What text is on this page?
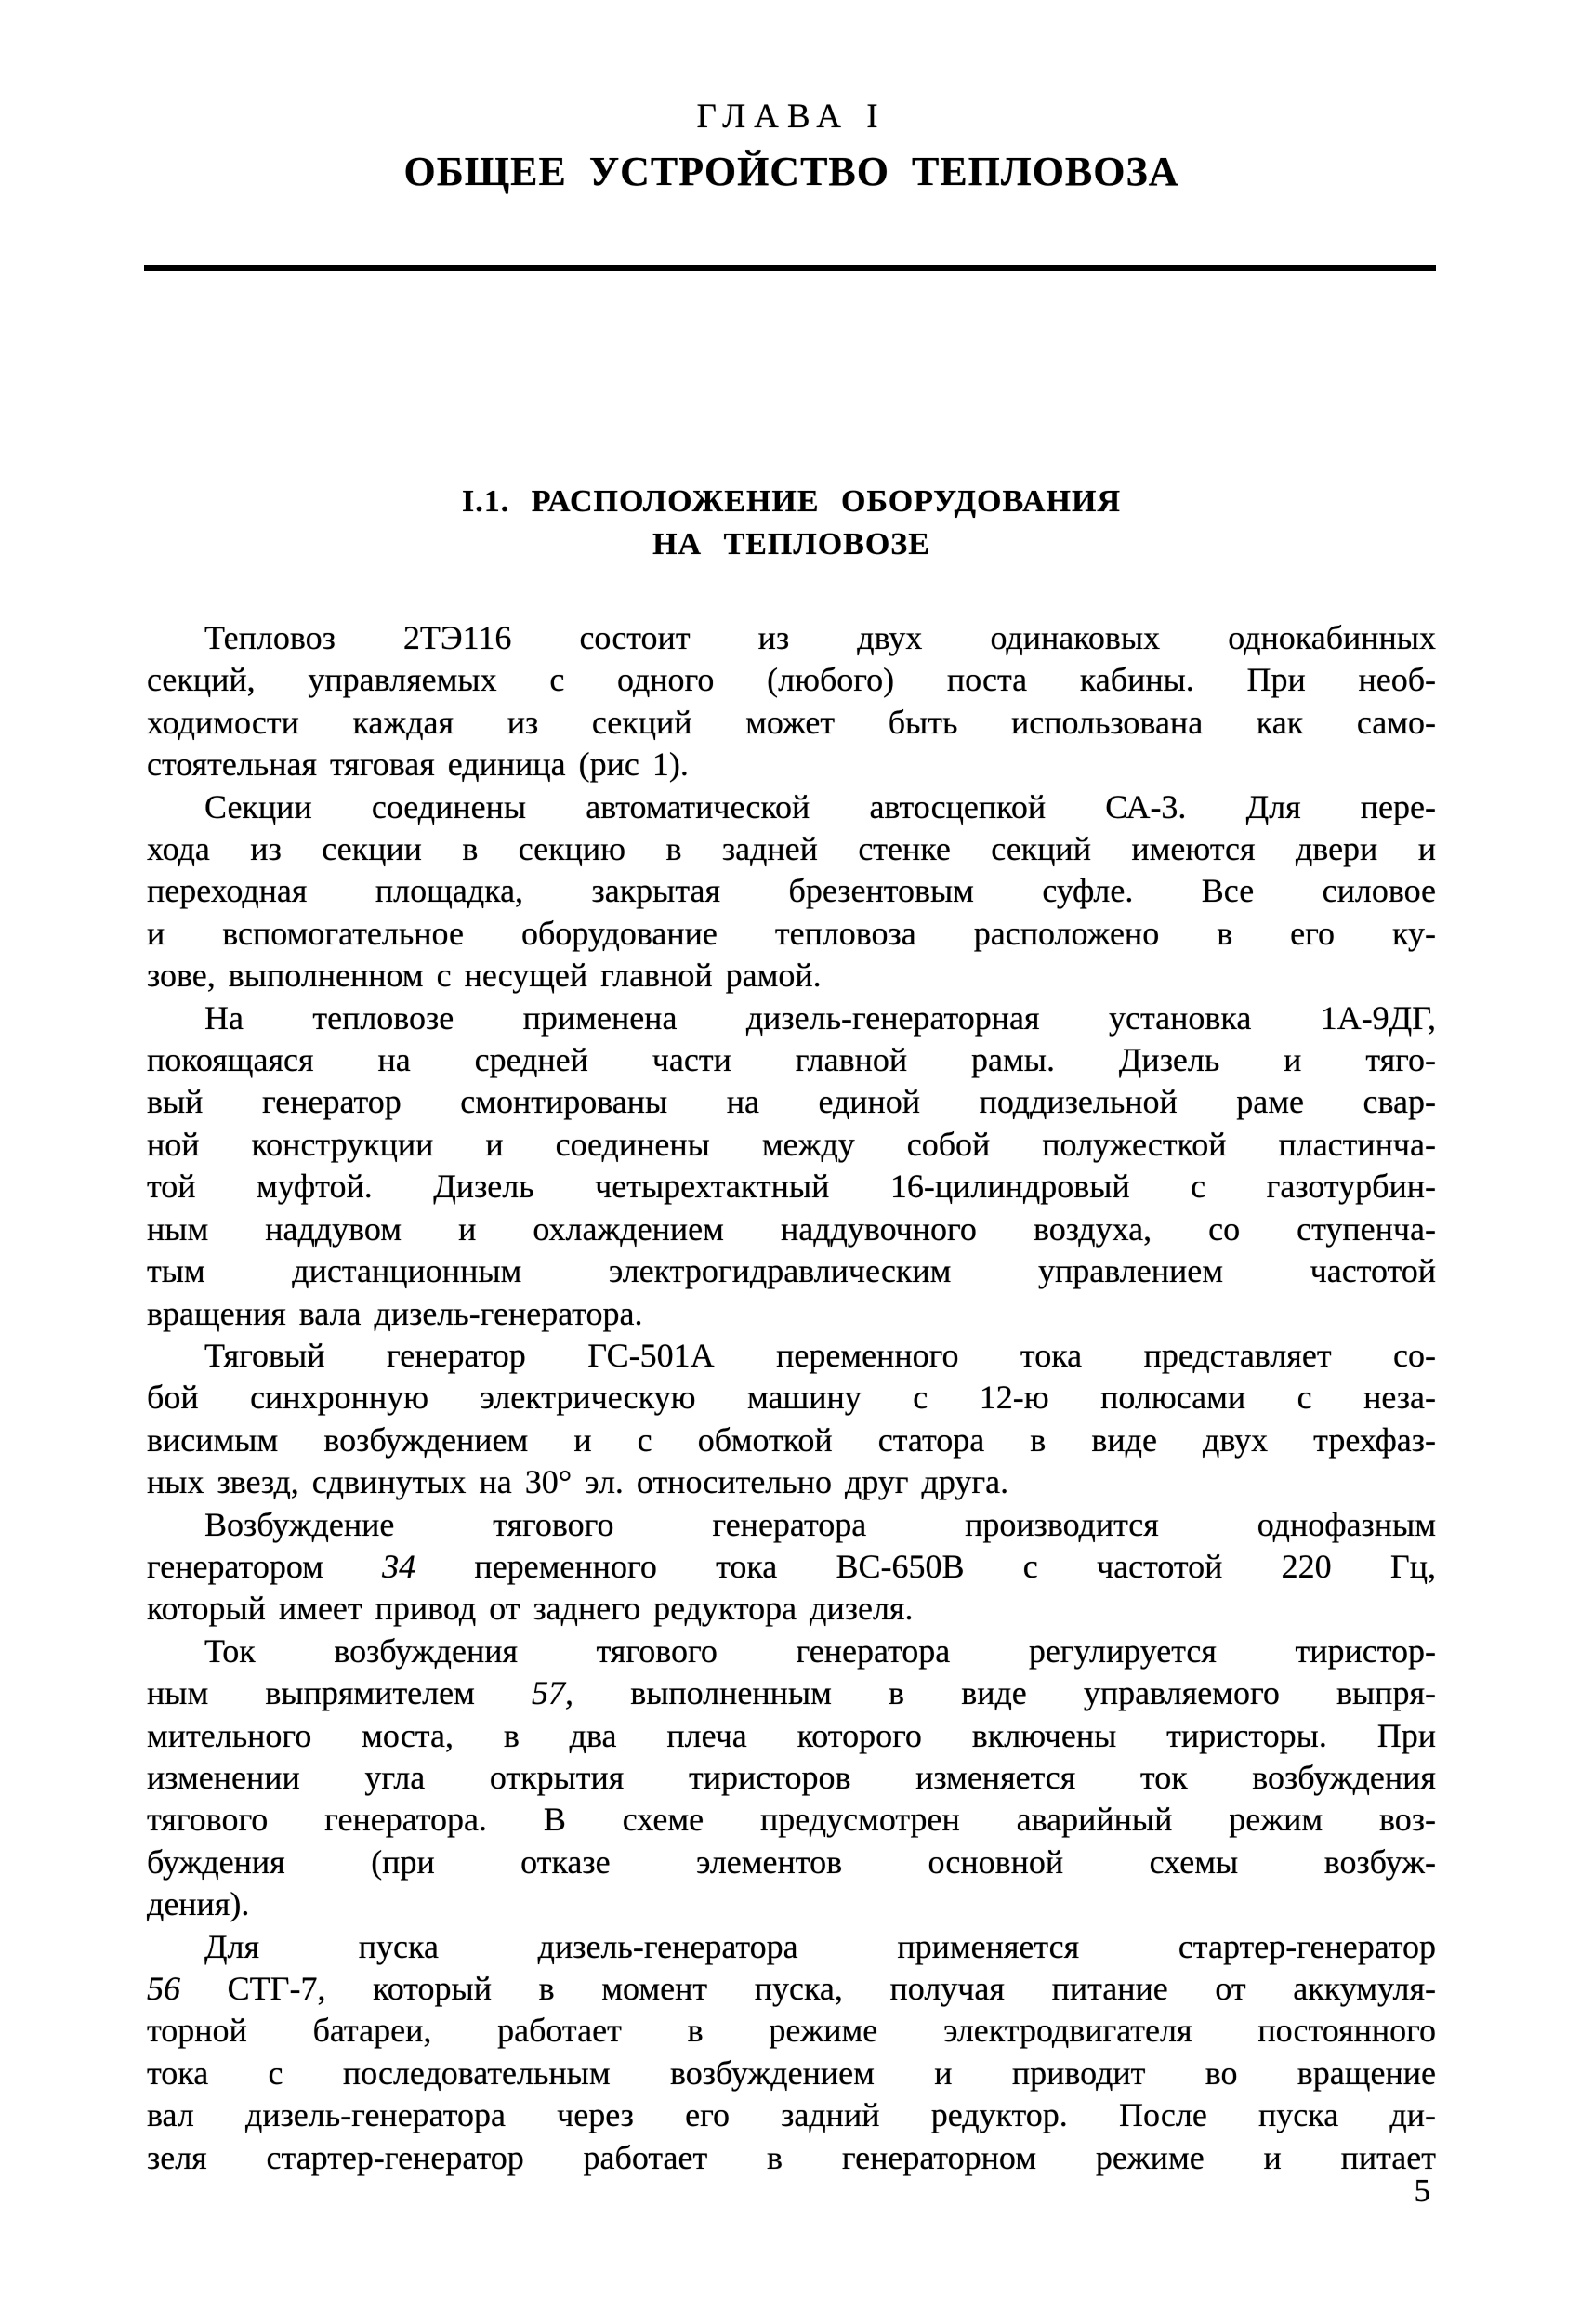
ГЛАВА I
ОБЩЕЕ УСТРОЙСТВО ТЕПЛОВОЗА
I.1. РАСПОЛОЖЕНИЕ ОБОРУДОВАНИЯ
НА ТЕПЛОВОЗЕ
Тепловоз 2ТЭ116 состоит из двух одинаковых однокабинных
секций, управляемых с одного (любого) поста кабины. При необ-
ходимости каждая из секций может быть использована как само-
стоятельная тяговая единица (рис 1).
Секции соединены автоматической автосцепкой СА-3. Для пере-
хода из секции в секцию в задней стенке секций имеются двери и
переходная площадка, закрытая брезентовым суфле. Все силовое
и вспомогательное оборудование тепловоза расположено в его ку-
зове, выполненном с несущей главной рамой.
На тепловозе применена дизель-генераторная установка 1А-9ДГ,
покоящаяся на средней части главной рамы. Дизель и тяго-
вый генератор смонтированы на единой поддизельной раме свар-
ной конструкции и соединены между собой полужесткой пластинча-
той муфтой. Дизель четырехтактный 16-цилиндровый с газотурбин-
ным наддувом и охлаждением наддувочного воздуха, со ступенча-
тым дистанционным электрогидравлическим управлением частотой
вращения вала дизель-генератора.
Тяговый генератор ГС-501А переменного тока представляет со-
бой синхронную электрическую машину с 12-ю полюсами с неза-
висимым возбуждением и с обмоткой статора в виде двух трехфаз-
ных звезд, сдвинутых на 30° эл. относительно друг друга.
Возбуждение тягового генератора производится однофазным
генератором 34 переменного тока ВС-650В с частотой 220 Гц,
который имеет привод от заднего редуктора дизеля.
Ток возбуждения тягового генератора регулируется тиристор-
ным выпрямителем 57, выполненным в виде управляемого выпря-
мительного моста, в два плеча которого включены тиристоры. При
изменении угла открытия тиристоров изменяется ток возбуждения
тягового генератора. В схеме предусмотрен аварийный режим воз-
буждения (при отказе элементов основной схемы возбуж-
дения).
Для пуска дизель-генератора применяется стартер-генератор
56 СТГ-7, который в момент пуска, получая питание от аккумуля-
торной батареи, работает в режиме электродвигателя постоянного
тока с последовательным возбуждением и приводит во вращение
вал дизель-генератора через его задний редуктор. После пуска ди-
зеля стартер-генератор работает в генераторном режиме и питает
5
